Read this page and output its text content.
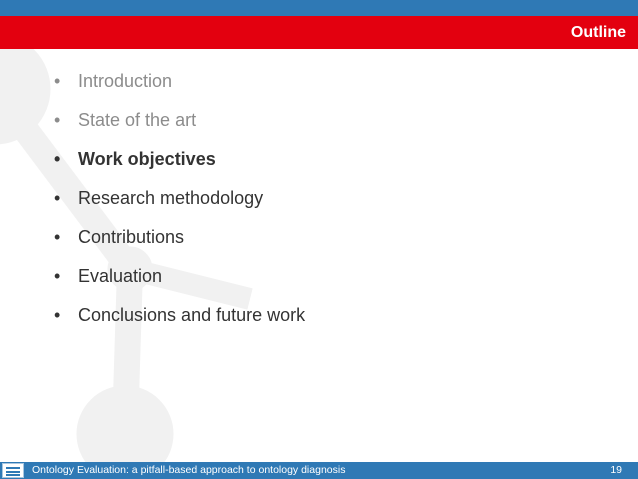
Outline
• Introduction
• State of the art
• Work objectives
• Research methodology
• Contributions
• Evaluation
• Conclusions and future work
Ontology Evaluation: a pitfall-based approach to ontology diagnosis	19
